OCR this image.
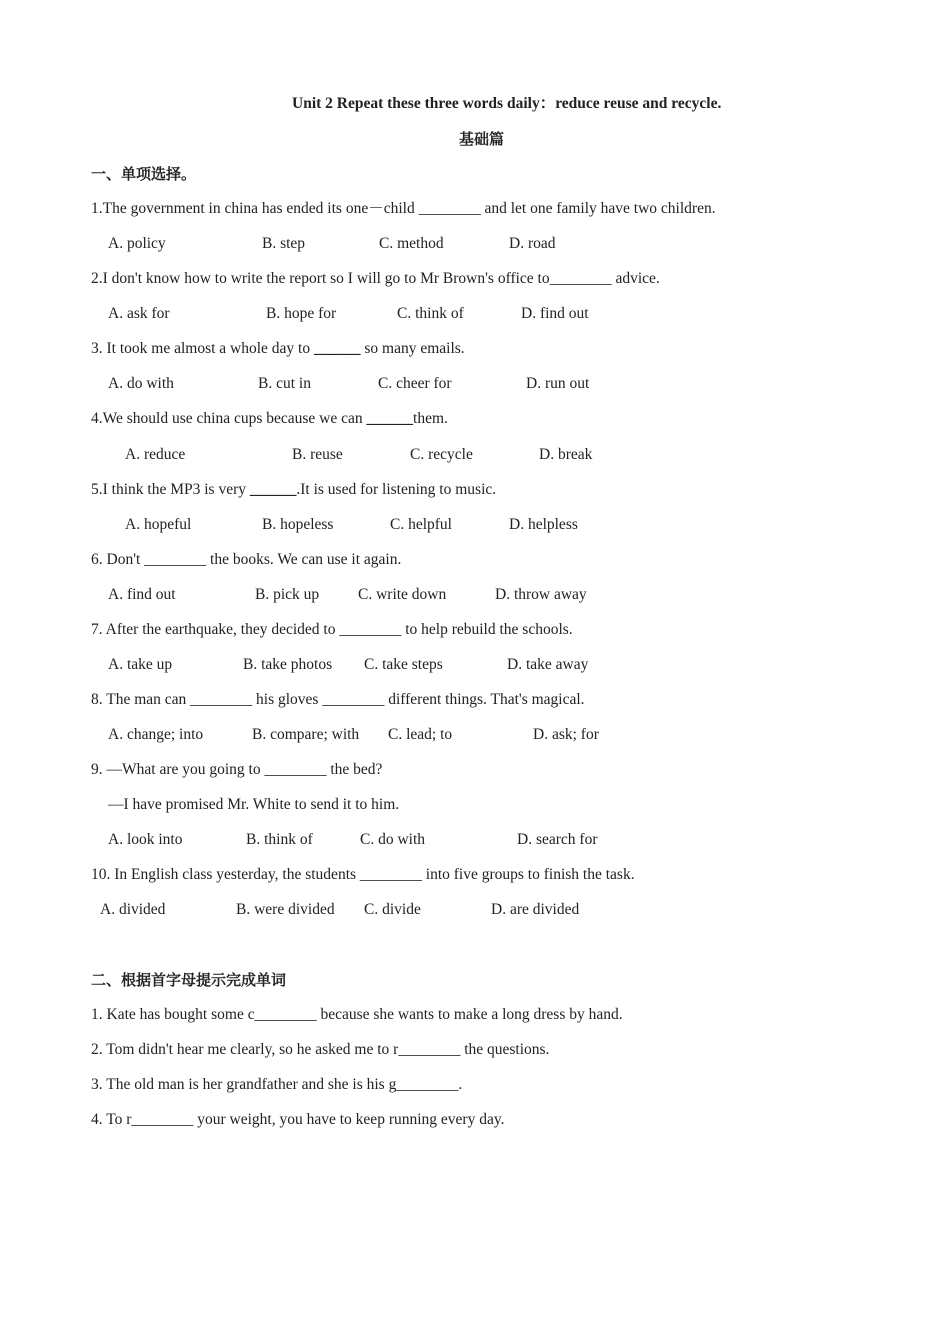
Unit 2 Repeat these three words daily：reduce reuse and recycle.
基础篇
一、单项选择。
1.The government in china has ended its one－child ________ and let one family have two children.
A. policy	B. step	C. method	D. road
2.I don't know how to write the report so I will go to Mr Brown's office to________ advice.
A. ask for	B. hope for	C. think of	D. find out
3. It took me almost a whole day to ______ so many emails.
A. do with	B. cut in	C. cheer for	D. run out
4.We should use china cups because we can ______them.
A. reduce	B. reuse	C. recycle	D. break
5.I think the MP3 is very ______.It is used for listening to music.
A. hopeful	B. hopeless	C. helpful	D. helpless
6. Don't ________ the books. We can use it again.
A. find out	B. pick up	C. write down	D. throw away
7. After the earthquake, they decided to ________ to help rebuild the schools.
A. take up	B. take photos C. take steps	D. take away
8. The man can ________ his gloves ________ different things. That's magical.
A. change; into	B. compare; with C. lead; to	D. ask; for
9. —What are you going to ________ the bed?
—I have promised Mr. White to send it to him.
A. look into	B. think of	C. do with	D. search for
10. In English class yesterday, the students ________ into five groups to finish the task.
A. divided	B. were divided C. divide	D. are divided
二、根据首字母提示完成单词
1. Kate has bought some c________ because she wants to make a long dress by hand.
2. Tom didn't hear me clearly, so he asked me to r________ the questions.
3. The old man is her grandfather and she is his g________.
4. To r________ your weight, you have to keep running every day.
